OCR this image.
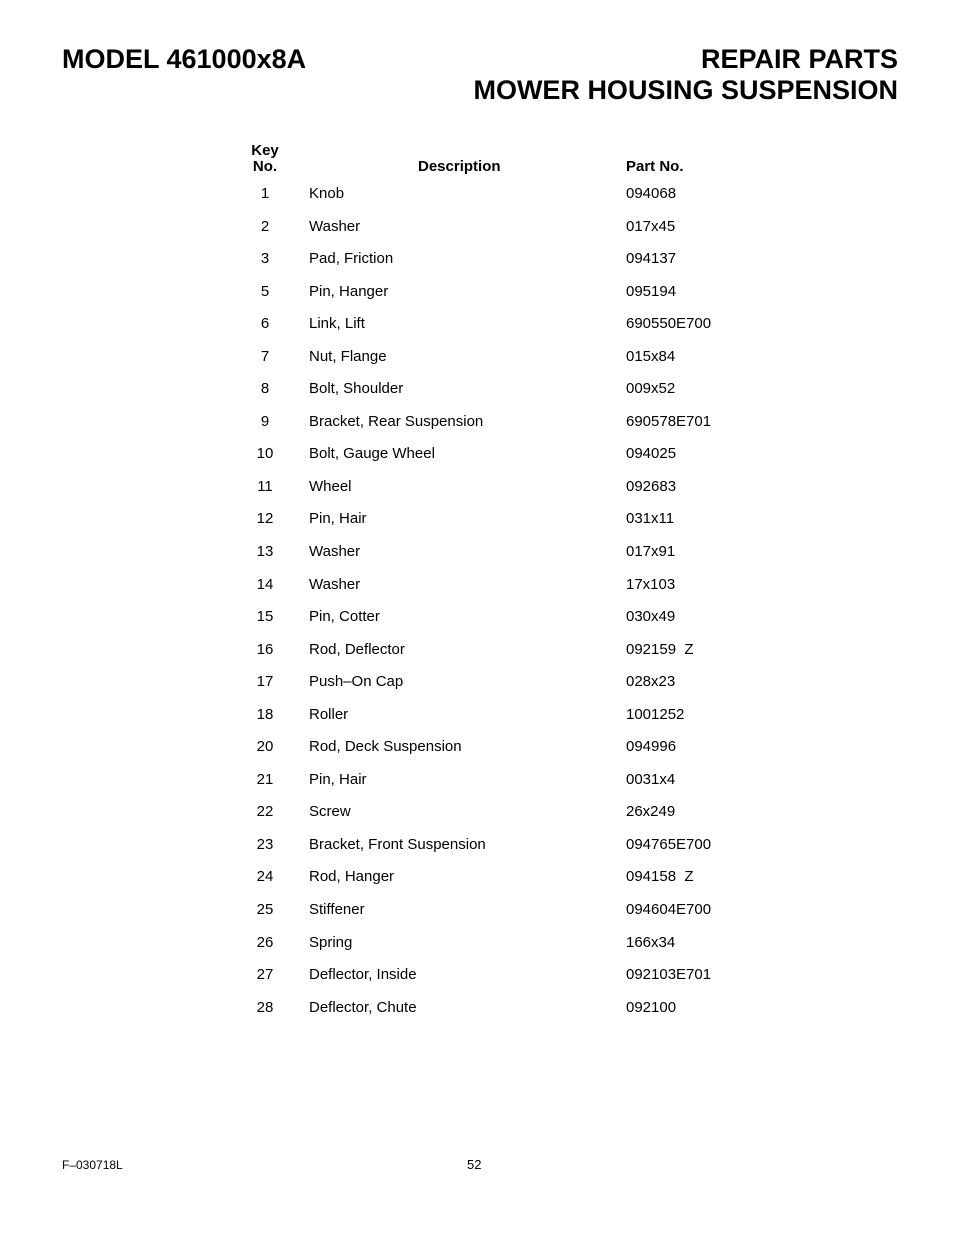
MODEL 461000x8A	REPAIR PARTS
MOWER HOUSING SUSPENSION
Key
No.	Description	Part No.
1	Knob	094068
2	Washer	017x45
3	Pad, Friction	094137
5	Pin, Hanger	095194
6	Link, Lift	690550E700
7	Nut, Flange	015x84
8	Bolt, Shoulder	009x52
9	Bracket, Rear Suspension	690578E701
10	Bolt, Gauge Wheel	094025
11	Wheel	092683
12	Pin, Hair	031x11
13	Washer	017x91
14	Washer	17x103
15	Pin, Cotter	030x49
16	Rod, Deflector	092159  Z
17	Push–On Cap	028x23
18	Roller	1001252
20	Rod, Deck Suspension	094996
21	Pin, Hair	0031x4
22	Screw	26x249
23	Bracket, Front Suspension	094765E700
24	Rod, Hanger	094158  Z
25	Stiffener	094604E700
26	Spring	166x34
27	Deflector, Inside	092103E701
28	Deflector, Chute	092100
F–030718L	52
